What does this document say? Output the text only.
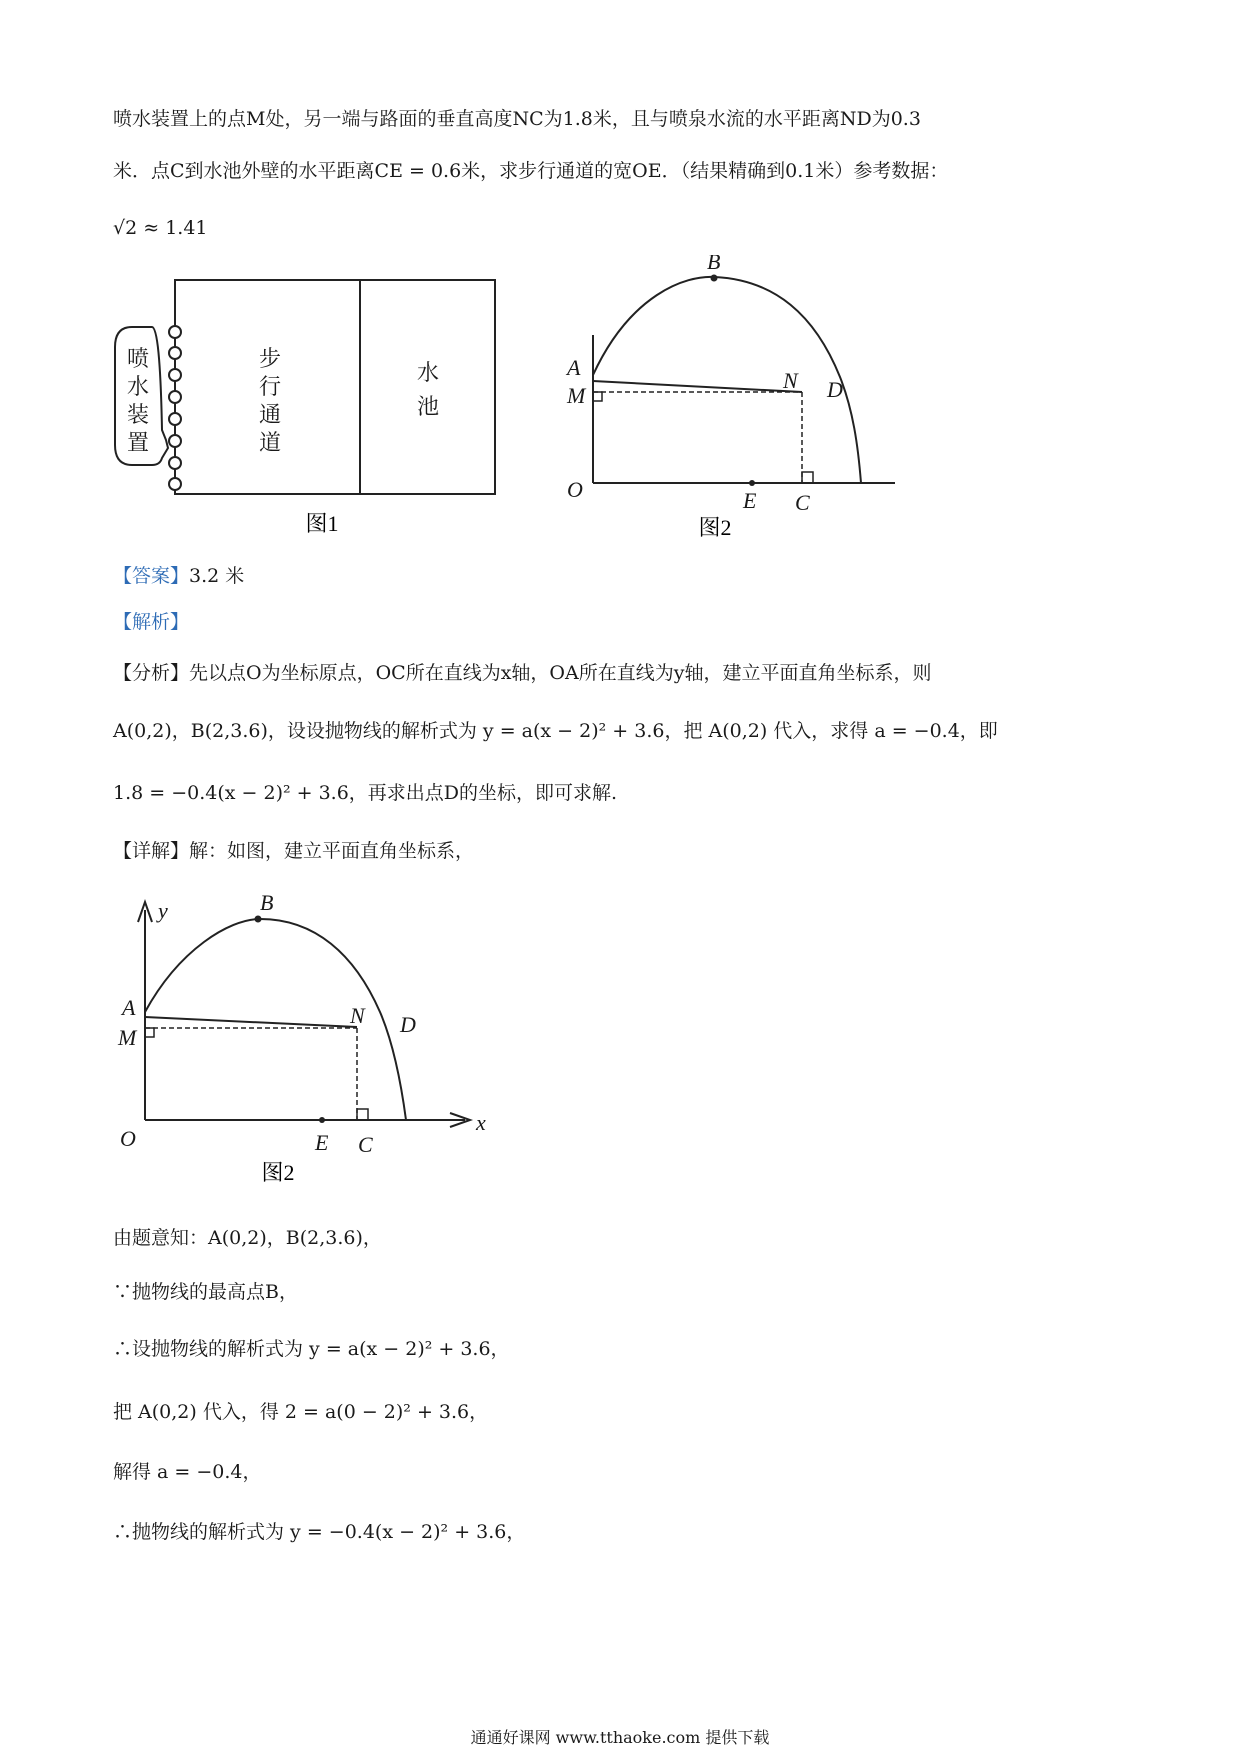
喷水装置上的点M处，另一端与路面的垂直高度NC为1.8米，且与喷泉水流的水平距离ND为0.3
米．点C到水池外壁的水平距离CE = 0.6米，求步行通道的宽OE．（结果精确到0.1米）参考数据：
√2 ≈ 1.41
喷
水
装
置
步
行
通
道
水
池
图1
B
A
M
N D
O	E C
图2
【答案】3.2 米
【解析】
【分析】先以点O为坐标原点，OC所在直线为x轴，OA所在直线为y轴，建立平面直角坐标系，则
A(0,2)，B(2,3.6)，设设抛物线的解析式为 y = a(x − 2)² + 3.6，把 A(0,2) 代入，求得 a = −0.4，即
1.8 = −0.4(x − 2)² + 3.6，再求出点D的坐标，即可求解.
【详解】解：如图，建立平面直角坐标系，
y
x
B
A
M
N D
O	E C
图2
由题意知：A(0,2)，B(2,3.6)，
∵抛物线的最高点B，
∴设抛物线的解析式为 y = a(x − 2)² + 3.6，
把 A(0,2) 代入，得 2 = a(0 − 2)² + 3.6，
解得 a = −0.4，
∴抛物线的解析式为 y = −0.4(x − 2)² + 3.6，
通通好课网 www.tthaoke.com 提供下载
